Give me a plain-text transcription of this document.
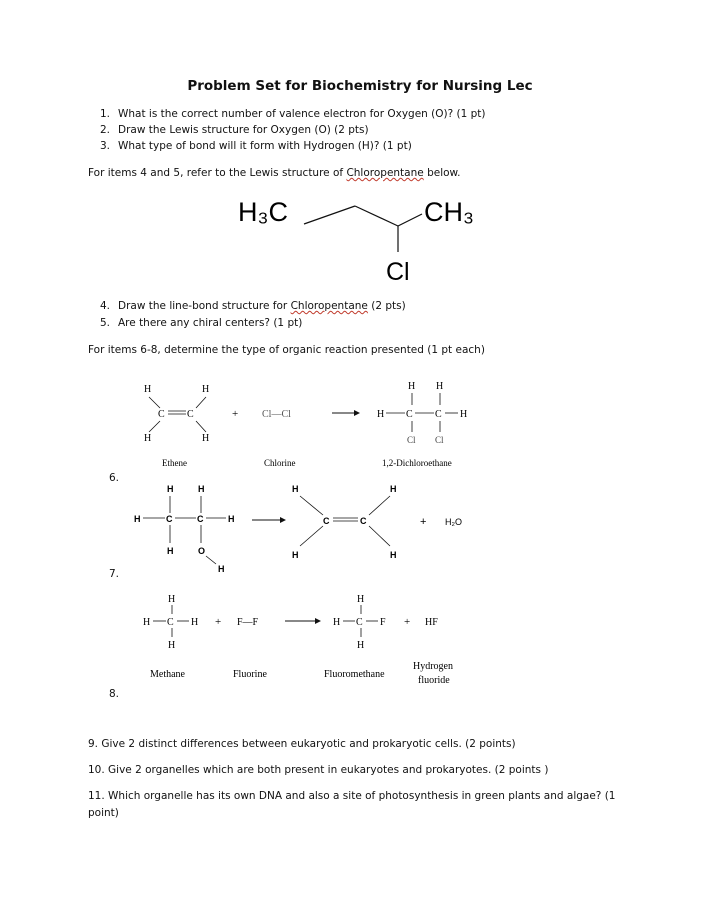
Problem Set for Biochemistry for Nursing Lec
1. What is the correct number of valence electron for Oxygen (O)? (1 pt)
2. Draw the Lewis structure for Oxygen (O) (2 pts)
3. What type of bond will it form with Hydrogen (H)? (1 pt)
For items 4 and 5, refer to the Lewis structure of Chloropentane below.
H₃C	CH₃
Cl
4. Draw the line-bond structure for Chloropentane (2 pts)
5. Are there any chiral centers? (1 pt)
For items 6-8, determine the type of organic reaction presented (1 pt each)
H	H
C C
H	H
+ Cl—Cl
H H
H C C H
Cl Cl
Ethene	Chlorine	1,2-Dichloroethane
6.
H	H
H	C	C	H
H	O
H
H	H
C	C
H	H
+ H₂O
7.
H
H C H
H
+ F—F
H
H C F
H
+ HF
Methane	Fluorine	Fluoromethane
Hydrogen
fluoride
8.
9. Give 2 distinct differences between eukaryotic and prokaryotic cells. (2 points)
10. Give 2 organelles which are both present in eukaryotes and prokaryotes. (2 points )
11. Which organelle has its own DNA and also a site of photosynthesis in green plants and algae? (1
point)
